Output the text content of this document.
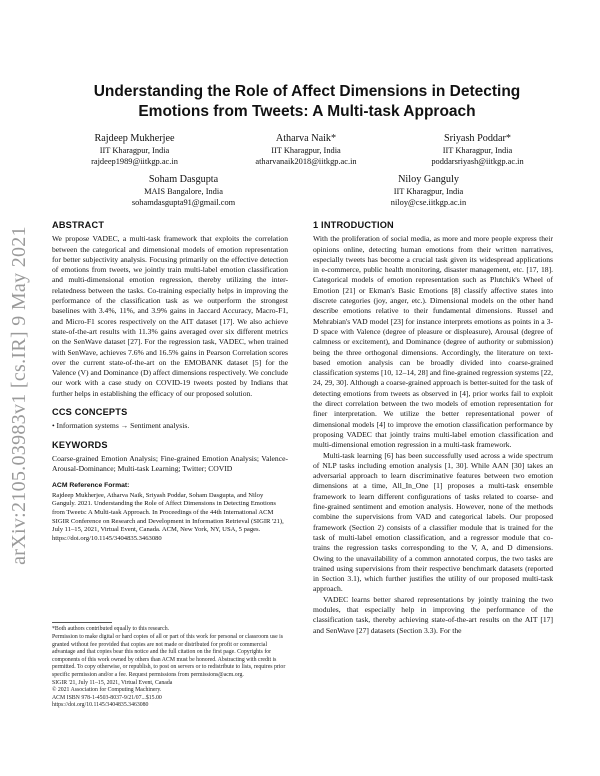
arXiv:2105.03983v1 [cs.IR] 9 May 2021
Understanding the Role of Affect Dimensions in Detecting Emotions from Tweets: A Multi-task Approach
Rajdeep Mukherjee
IIT Kharagpur, India
rajdeep1989@iitkgp.ac.in
Atharva Naik*
IIT Kharagpur, India
atharvanaik2018@iitkgp.ac.in
Sriyash Poddar*
IIT Kharagpur, India
poddarsriyash@iitkgp.ac.in
Soham Dasgupta
MAIS Bangalore, India
sohamdasgupta91@gmail.com
Niloy Ganguly
IIT Kharagpur, India
niloy@cse.iitkgp.ac.in
ABSTRACT

We propose VADEC, a multi-task framework that exploits the correlation between the categorical and dimensional models of emotion representation for better subjectivity analysis. Focusing primarily on the effective detection of emotions from tweets, we jointly train multi-label emotion classification and multi-dimensional emotion regression, thereby utilizing the inter-relatedness between the tasks. Co-training especially helps in improving the performance of the classification task as we outperform the strongest baselines with 3.4%, 11%, and 3.9% gains in Jaccard Accuracy, Macro-F1, and Micro-F1 scores respectively on the AIT dataset [17]. We also achieve state-of-the-art results with 11.3% gains averaged over six different metrics on the SenWave dataset [27]. For the regression task, VADEC, when trained with SenWave, achieves 7.6% and 16.5% gains in Pearson Correlation scores over the current state-of-the-art on the EMOBANK dataset [5] for the Valence (V) and Dominance (D) affect dimensions respectively. We conclude our work with a case study on COVID-19 tweets posted by Indians that further helps in establishing the efficacy of our proposed solution.

CCS CONCEPTS
• Information systems → Sentiment analysis.
KEYWORDS

Coarse-grained Emotion Analysis; Fine-grained Emotion Analysis; Valence-Arousal-Dominance; Multi-task Learning; Twitter; COVID

ACM Reference Format:

Rajdeep Mukherjee, Atharva Naik, Sriyash Poddar, Soham Dasgupta, and Niloy Ganguly. 2021. Understanding the Role of Affect Dimensions in Detecting Emotions from Tweets: A Multi-task Approach. In Proceedings of the 44th International ACM SIGIR Conference on Research and Development in Information Retrieval (SIGIR '21), July 11–15, 2021, Virtual Event, Canada. ACM, New York, NY, USA, 5 pages. https://doi.org/10.1145/3404835.3463080

*Both authors contributed equally to this research.

Permission to make digital or hard copies of all or part of this work for personal or classroom use is granted without fee provided that copies are not made or distributed for profit or commercial advantage and that copies bear this notice and the full citation on the first page. Copyrights for components of this work owned by others than ACM must be honored. Abstracting with credit is permitted. To copy otherwise, or republish, to post on servers or to redistribute to lists, requires prior specific permission and/or a fee. Request permissions from permissions@acm.org.

SIGIR '21, July 11–15, 2021, Virtual Event, Canada

© 2021 Association for Computing Machinery.

ACM ISBN 978-1-4503-8037-9/21/07...$15.00

https://doi.org/10.1145/3404835.3463080

1 INTRODUCTION

With the proliferation of social media, as more and more people express their opinions online, detecting human emotions from their written narratives, especially tweets has become a crucial task given its widespread applications in e-commerce, public health monitoring, disaster management, etc. [17, 18]. Categorical models of emotion representation such as Plutchik's Wheel of Emotion [21] or Ekman's Basic Emotions [8] classify affective states into discrete categories (joy, anger, etc.). Dimensional models on the other hand describe emotions relative to their fundamental dimensions. Russel and Mehrabian's VAD model [23] for instance interprets emotions as points in a 3-D space with Valence (degree of pleasure or displeasure), Arousal (degree of calmness or excitement), and Dominance (degree of authority or submission) being the three orthogonal dimensions. Accordingly, the literature on text-based emotion analysis can be broadly divided into coarse-grained classification systems [10, 12–14, 28] and fine-grained regression systems [22, 24, 29, 30]. Although a coarse-grained approach is better-suited for the task of detecting emotions from tweets as observed in [4], prior works fail to exploit the direct correlation between the two models of emotion representation for finer interpretation. We utilize the better representational power of dimensional models [4] to improve the emotion classification performance by proposing VADEC that jointly trains multi-label emotion classification and multi-dimensional emotion regression in a multi-task framework.

Multi-task learning [6] has been successfully used across a wide spectrum of NLP tasks including emotion analysis [1, 30]. While AAN [30] takes an adversarial approach to learn discriminative features between two emotion dimensions at a time, All_In_One [1] proposes a multi-task ensemble framework to learn different configurations of tasks related to coarse- and fine-grained sentiment and emotion analysis. However, none of the methods combine the supervisions from VAD and categorical labels. Our proposed framework (Section 2) consists of a classifier module that is trained for the task of multi-label emotion classification, and a regressor module that co-trains the regression tasks corresponding to the V, A, and D dimensions. Owing to the unavailability of a common annotated corpus, the two tasks are trained using supervisions from their respective benchmark datasets (reported in Section 3.1), which further justifies the utility of our proposed multi-task approach.

VADEC learns better shared representations by jointly training the two modules, that especially help in improving the performance of the classification task, thereby achieving state-of-the-art results on the AIT [17] and SenWave [27] datasets (Section 3.3). For the
